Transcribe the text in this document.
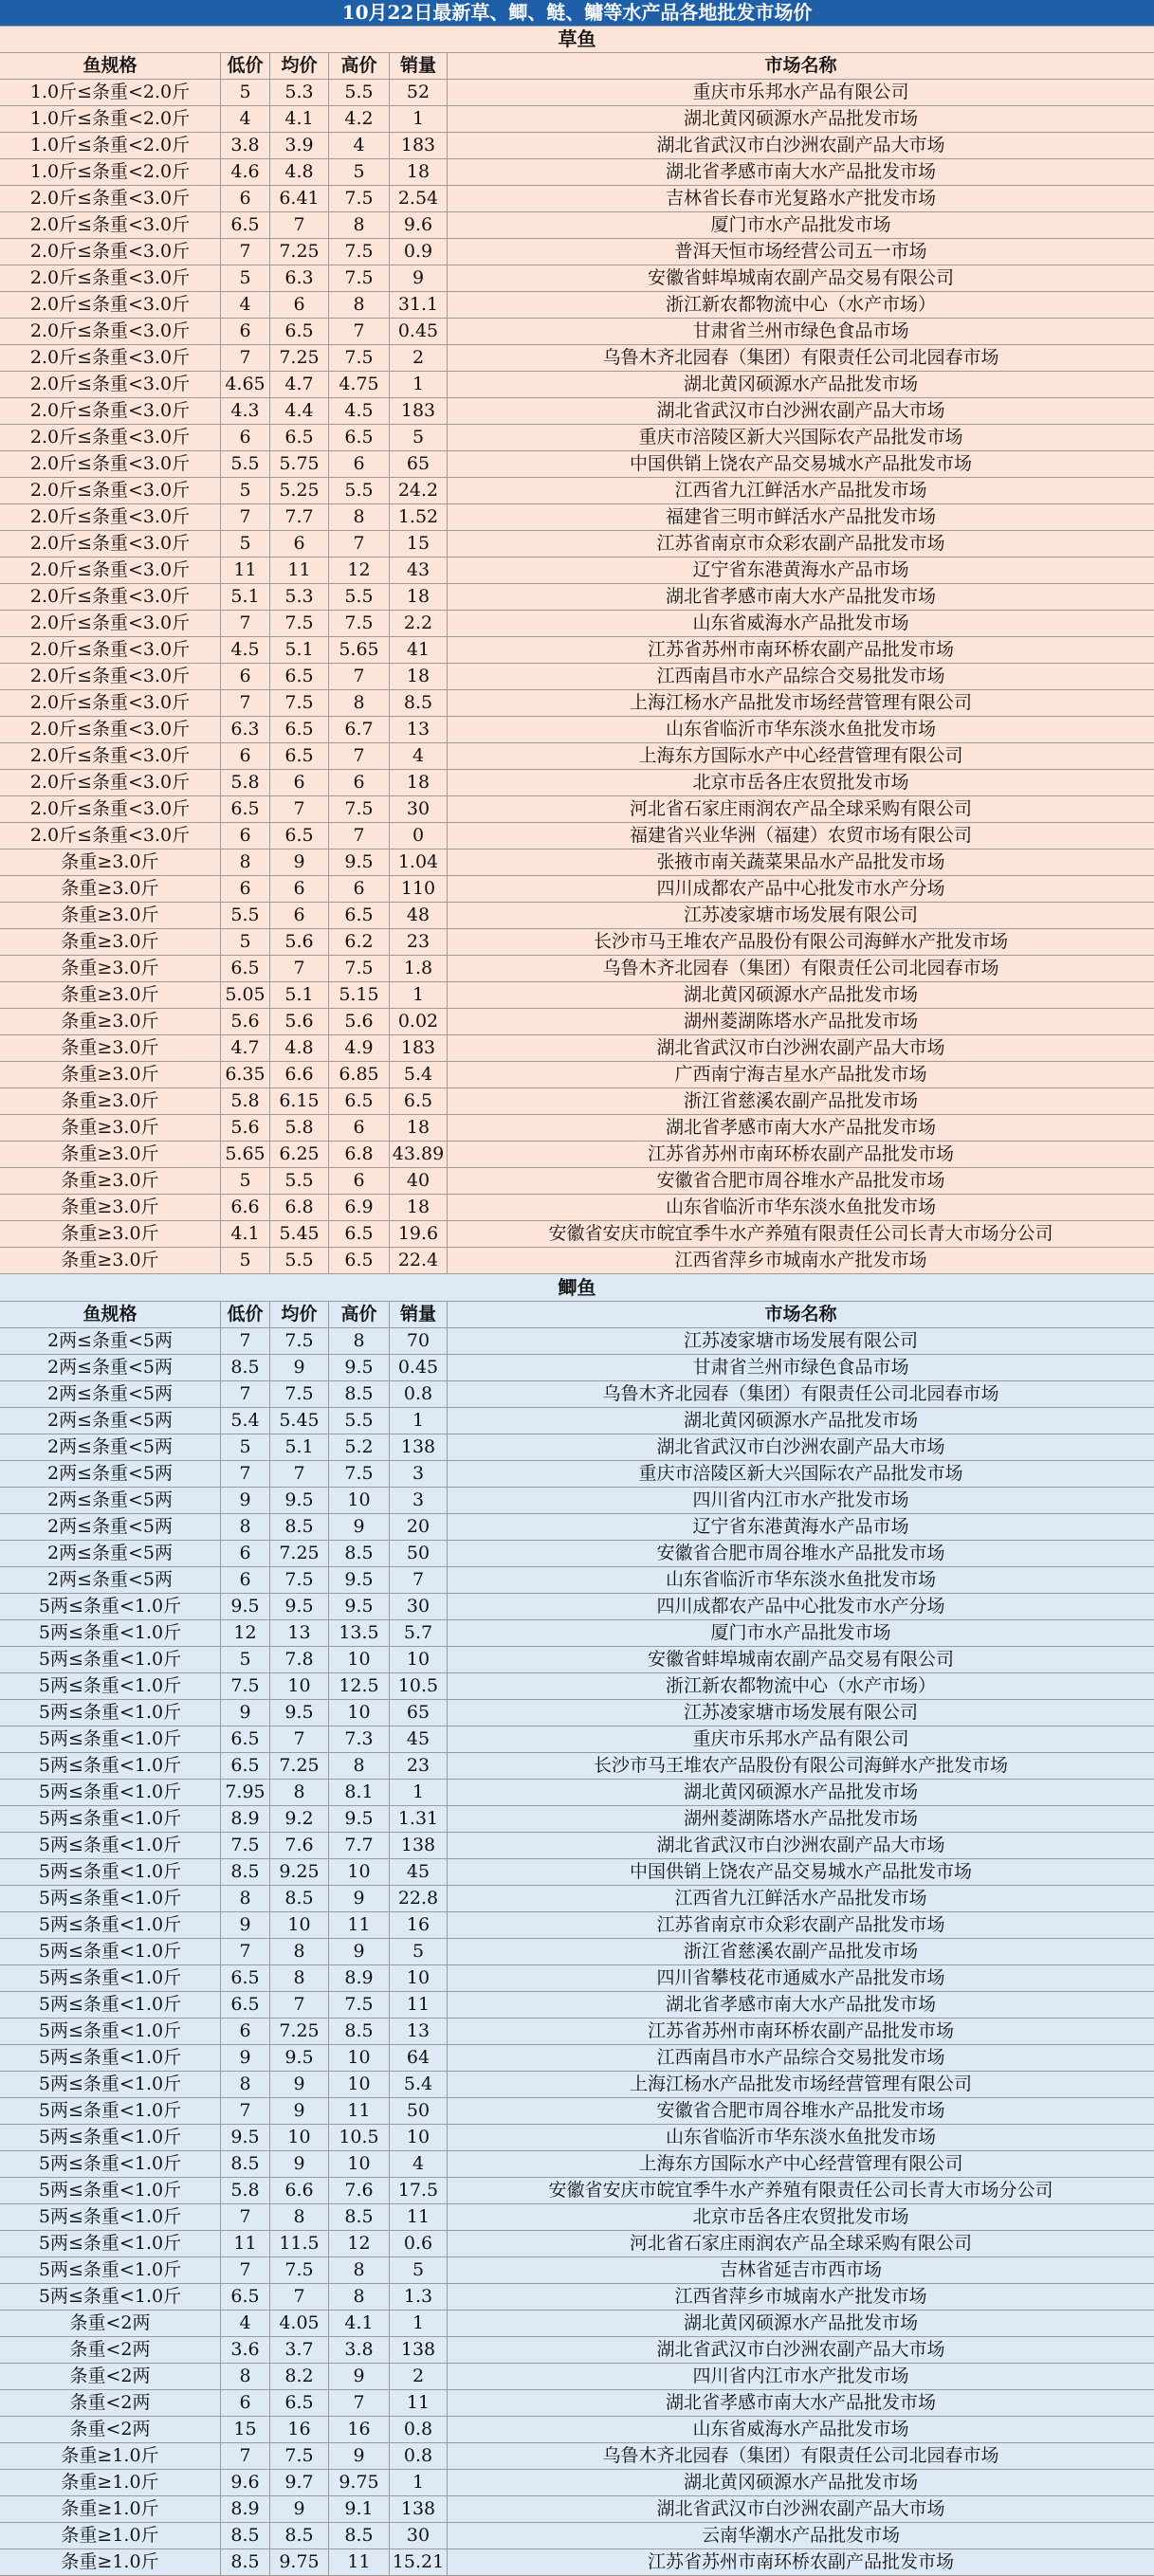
10月22日最新草、鲫、鲢、鳙等水产品各地批发市场价
草鱼
鱼规格	低价 均价	高价	销量	市场名称
1.0斤≤条重<2.0斤	5	5.3	5.5	52	重庆市乐邦水产品有限公司
1.0斤≤条重<2.0斤	4	4.1	4.2	1	湖北黄冈硕源水产品批发市场
1.0斤≤条重<2.0斤	3.8	3.9	4	183	湖北省武汉市白沙洲农副产品大市场
1.0斤≤条重<2.0斤	4.6	4.8	5	18	湖北省孝感市南大水产品批发市场
2.0斤≤条重<3.0斤	6	6.41	7.5	2.54	吉林省长春市光复路水产批发市场
2.0斤≤条重<3.0斤	6.5	7	8	9.6	厦门市水产品批发市场
2.0斤≤条重<3.0斤	7	7.25	7.5	0.9	普洱天恒市场经营公司五一市场
2.0斤≤条重<3.0斤	5	6.3	7.5	9	安徽省蚌埠城南农副产品交易有限公司
2.0斤≤条重<3.0斤	4	6	8	31.1	浙江新农都物流中心（水产市场）
2.0斤≤条重<3.0斤	6	6.5	7	0.45	甘肃省兰州市绿色食品市场
2.0斤≤条重<3.0斤	7	7.25	7.5	2	乌鲁木齐北园春（集团）有限责任公司北园春市场
2.0斤≤条重<3.0斤	4.65	4.7	4.75	1	湖北黄冈硕源水产品批发市场
2.0斤≤条重<3.0斤	4.3	4.4	4.5	183	湖北省武汉市白沙洲农副产品大市场
2.0斤≤条重<3.0斤	6	6.5	6.5	5	重庆市涪陵区新大兴国际农产品批发市场
2.0斤≤条重<3.0斤	5.5	5.75	6	65	中国供销上饶农产品交易城水产品批发市场
2.0斤≤条重<3.0斤	5	5.25	5.5	24.2	江西省九江鲜活水产品批发市场
2.0斤≤条重<3.0斤	7	7.7	8	1.52	福建省三明市鲜活水产品批发市场
2.0斤≤条重<3.0斤	5	6	7	15	江苏省南京市众彩农副产品批发市场
2.0斤≤条重<3.0斤	11	11	12	43	辽宁省东港黄海水产品市场
2.0斤≤条重<3.0斤	5.1	5.3	5.5	18	湖北省孝感市南大水产品批发市场
2.0斤≤条重<3.0斤	7	7.5	7.5	2.2	山东省威海水产品批发市场
2.0斤≤条重<3.0斤	4.5	5.1	5.65	41	江苏省苏州市南环桥农副产品批发市场
2.0斤≤条重<3.0斤	6	6.5	7	18	江西南昌市水产品综合交易批发市场
2.0斤≤条重<3.0斤	7	7.5	8	8.5	上海江杨水产品批发市场经营管理有限公司
2.0斤≤条重<3.0斤	6.3	6.5	6.7	13	山东省临沂市华东淡水鱼批发市场
2.0斤≤条重<3.0斤	6	6.5	7	4	上海东方国际水产中心经营管理有限公司
2.0斤≤条重<3.0斤	5.8	6	6	18	北京市岳各庄农贸批发市场
2.0斤≤条重<3.0斤	6.5	7	7.5	30	河北省石家庄雨润农产品全球采购有限公司
2.0斤≤条重<3.0斤	6	6.5	7	0	福建省兴业华洲（福建）农贸市场有限公司
条重≥3.0斤	8	9	9.5	1.04	张掖市南关蔬菜果品水产品批发市场
条重≥3.0斤	6	6	6	110	四川成都农产品中心批发市水产分场
条重≥3.0斤	5.5	6	6.5	48	江苏凌家塘市场发展有限公司
条重≥3.0斤	5	5.6	6.2	23	长沙市马王堆农产品股份有限公司海鲜水产批发市场
条重≥3.0斤	6.5	7	7.5	1.8	乌鲁木齐北园春（集团）有限责任公司北园春市场
条重≥3.0斤	5.05	5.1	5.15	1	湖北黄冈硕源水产品批发市场
条重≥3.0斤	5.6	5.6	5.6	0.02	湖州菱湖陈塔水产品批发市场
条重≥3.0斤	4.7	4.8	4.9	183	湖北省武汉市白沙洲农副产品大市场
条重≥3.0斤	6.35	6.6	6.85	5.4	广西南宁海吉星水产品批发市场
条重≥3.0斤	5.8	6.15	6.5	6.5	浙江省慈溪农副产品批发市场
条重≥3.0斤	5.6	5.8	6	18	湖北省孝感市南大水产品批发市场
条重≥3.0斤	5.65 6.25	6.8	43.89	江苏省苏州市南环桥农副产品批发市场
条重≥3.0斤	5	5.5	6	40	安徽省合肥市周谷堆水产品批发市场
条重≥3.0斤	6.6	6.8	6.9	18	山东省临沂市华东淡水鱼批发市场
条重≥3.0斤	4.1	5.45	6.5	19.6	安徽省安庆市皖宜季牛水产养殖有限责任公司长青大市场分公司
条重≥3.0斤	5	5.5	6.5	22.4	江西省萍乡市城南水产批发市场
鲫鱼
鱼规格	低价 均价	高价	销量	市场名称
2两≤条重<5两	7	7.5	8	70	江苏凌家塘市场发展有限公司
2两≤条重<5两	8.5	9	9.5	0.45	甘肃省兰州市绿色食品市场
2两≤条重<5两	7	7.5	8.5	0.8	乌鲁木齐北园春（集团）有限责任公司北园春市场
2两≤条重<5两	5.4	5.45	5.5	1	湖北黄冈硕源水产品批发市场
2两≤条重<5两	5	5.1	5.2	138	湖北省武汉市白沙洲农副产品大市场
2两≤条重<5两	7	7	7.5	3	重庆市涪陵区新大兴国际农产品批发市场
2两≤条重<5两	9	9.5	10	3	四川省内江市水产批发市场
2两≤条重<5两	8	8.5	9	20	辽宁省东港黄海水产品市场
2两≤条重<5两	6	7.25	8.5	50	安徽省合肥市周谷堆水产品批发市场
2两≤条重<5两	6	7.5	9.5	7	山东省临沂市华东淡水鱼批发市场
5两≤条重<1.0斤	9.5	9.5	9.5	30	四川成都农产品中心批发市水产分场
5两≤条重<1.0斤	12	13	13.5	5.7	厦门市水产品批发市场
5两≤条重<1.0斤	5	7.8	10	10	安徽省蚌埠城南农副产品交易有限公司
5两≤条重<1.0斤	7.5	10	12.5	10.5	浙江新农都物流中心（水产市场）
5两≤条重<1.0斤	9	9.5	10	65	江苏凌家塘市场发展有限公司
5两≤条重<1.0斤	6.5	7	7.3	45	重庆市乐邦水产品有限公司
5两≤条重<1.0斤	6.5	7.25	8	23	长沙市马王堆农产品股份有限公司海鲜水产批发市场
5两≤条重<1.0斤	7.95	8	8.1	1	湖北黄冈硕源水产品批发市场
5两≤条重<1.0斤	8.9	9.2	9.5	1.31	湖州菱湖陈塔水产品批发市场
5两≤条重<1.0斤	7.5	7.6	7.7	138	湖北省武汉市白沙洲农副产品大市场
5两≤条重<1.0斤	8.5	9.25	10	45	中国供销上饶农产品交易城水产品批发市场
5两≤条重<1.0斤	8	8.5	9	22.8	江西省九江鲜活水产品批发市场
5两≤条重<1.0斤	9	10	11	16	江苏省南京市众彩农副产品批发市场
5两≤条重<1.0斤	7	8	9	5	浙江省慈溪农副产品批发市场
5两≤条重<1.0斤	6.5	8	8.9	10	四川省攀枝花市通威水产品批发市场
5两≤条重<1.0斤	6.5	7	7.5	11	湖北省孝感市南大水产品批发市场
5两≤条重<1.0斤	6	7.25	8.5	13	江苏省苏州市南环桥农副产品批发市场
5两≤条重<1.0斤	9	9.5	10	64	江西南昌市水产品综合交易批发市场
5两≤条重<1.0斤	8	9	10	5.4	上海江杨水产品批发市场经营管理有限公司
5两≤条重<1.0斤	7	9	11	50	安徽省合肥市周谷堆水产品批发市场
5两≤条重<1.0斤	9.5	10	10.5	10	山东省临沂市华东淡水鱼批发市场
5两≤条重<1.0斤	8.5	9	10	4	上海东方国际水产中心经营管理有限公司
5两≤条重<1.0斤	5.8	6.6	7.6	17.5	安徽省安庆市皖宜季牛水产养殖有限责任公司长青大市场分公司
5两≤条重<1.0斤	7	8	8.5	11	北京市岳各庄农贸批发市场
5两≤条重<1.0斤	11	11.5	12	0.6	河北省石家庄雨润农产品全球采购有限公司
5两≤条重<1.0斤	7	7.5	8	5	吉林省延吉市西市场
5两≤条重<1.0斤	6.5	7	8	1.3	江西省萍乡市城南水产批发市场
条重<2两	4	4.05	4.1	1	湖北黄冈硕源水产品批发市场
条重<2两	3.6	3.7	3.8	138	湖北省武汉市白沙洲农副产品大市场
条重<2两	8	8.2	9	2	四川省内江市水产批发市场
条重<2两	6	6.5	7	11	湖北省孝感市南大水产品批发市场
条重<2两	15	16	16	0.8	山东省威海水产品批发市场
条重≥1.0斤	7	7.5	9	0.8	乌鲁木齐北园春（集团）有限责任公司北园春市场
条重≥1.0斤	9.6	9.7	9.75	1	湖北黄冈硕源水产品批发市场
条重≥1.0斤	8.9	9	9.1	138	湖北省武汉市白沙洲农副产品大市场
条重≥1.0斤	8.5	8.5	8.5	30	云南华潮水产品批发市场
条重≥1.0斤	8.5	9.75	11	15.21	江苏省苏州市南环桥农副产品批发市场
